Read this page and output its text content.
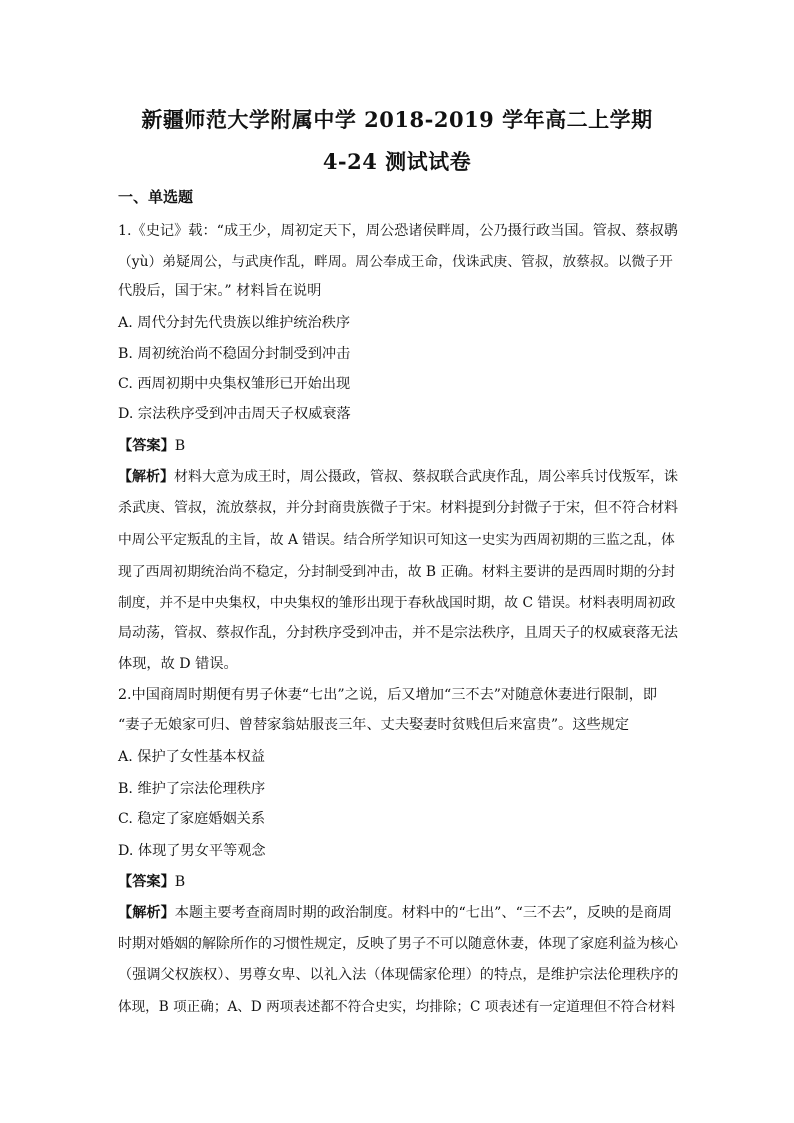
新疆师范大学附属中学 2018-2019 学年高二上学期
4-24 测试试卷
一、单选题
1.《史记》载：“成王少，周初定天下，周公恐诸侯畔周，公乃摄行政当国。管叔、蔡叔鹖
（yù）弟疑周公，与武庚作乱，畔周。周公奉成王命，伐诛武庚、管叔，放蔡叔。以微子开
代殷后，国于宋。” 材料旨在说明
A. 周代分封先代贵族以维护统治秩序
B. 周初统治尚不稳固分封制受到冲击
C. 西周初期中央集权雏形已开始出现
D. 宗法秩序受到冲击周天子权威衰落
【答案】B
【解析】材料大意为成王时，周公摄政，管叔、蔡叔联合武庚作乱，周公率兵讨伐叛军，诛
杀武庚、管叔，流放蔡叔，并分封商贵族微子于宋。材料提到分封微子于宋，但不符合材料
中周公平定叛乱的主旨，故 A 错误。结合所学知识可知这一史实为西周初期的三监之乱，体
现了西周初期统治尚不稳定，分封制受到冲击，故 B 正确。材料主要讲的是西周时期的分封
制度，并不是中央集权，中央集权的雏形出现于春秋战国时期，故 C 错误。材料表明周初政
局动荡，管叔、蔡叔作乱，分封秩序受到冲击，并不是宗法秩序，且周天子的权威衰落无法
体现，故 D 错误。
2.中国商周时期便有男子休妻“七出”之说，后又增加“三不去”对随意休妻进行限制，即
“妻子无娘家可归、曾替家翁姑服丧三年、丈夫娶妻时贫贱但后来富贵”。这些规定
A. 保护了女性基本权益
B. 维护了宗法伦理秩序
C. 稳定了家庭婚姻关系
D. 体现了男女平等观念
【答案】B
【解析】本题主要考查商周时期的政治制度。材料中的“七出”、“三不去”，反映的是商周
时期对婚姻的解除所作的习惯性规定，反映了男子不可以随意休妻，体现了家庭利益为核心
（强调父权族权）、男尊女卑、以礼入法（体现儒家伦理）的特点，是维护宗法伦理秩序的
体现，B 项正确；A、D 两项表述都不符合史实，均排除；C 项表述有一定道理但不符合材料
